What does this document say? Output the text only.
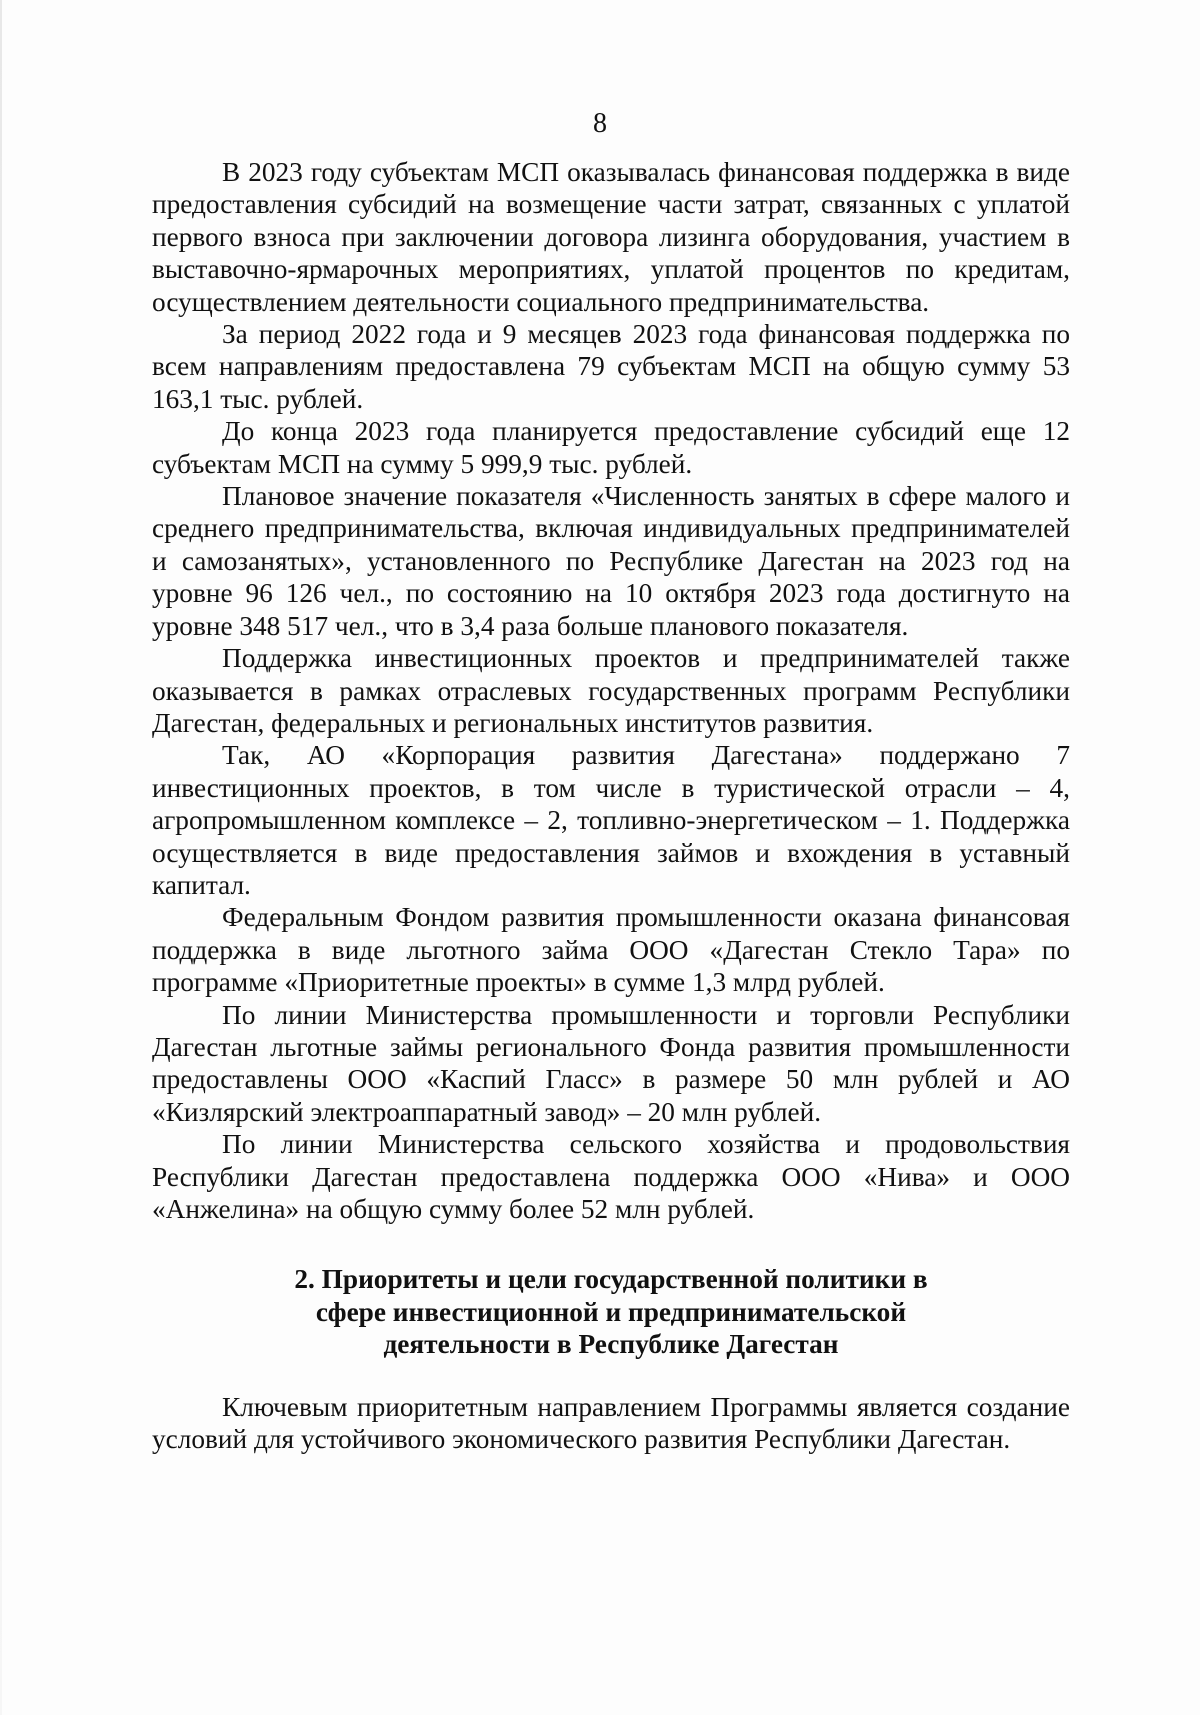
8

В 2023 году субъектам МСП оказывалась финансовая поддержка в виде предоставления субсидий на возмещение части затрат, связанных с уплатой первого взноса при заключении договора лизинга оборудования, участием в выставочно-ярмарочных мероприятиях, уплатой процентов по кредитам, осуществлением деятельности социального предпринимательства.

За период 2022 года и 9 месяцев 2023 года финансовая поддержка по всем направлениям предоставлена 79 субъектам МСП на общую сумму 53 163,1 тыс. рублей.

До конца 2023 года планируется предоставление субсидий еще 12 субъектам МСП на сумму 5 999,9 тыс. рублей.

Плановое значение показателя «Численность занятых в сфере малого и среднего предпринимательства, включая индивидуальных предпринимателей и самозанятых», установленного по Республике Дагестан на 2023 год на уровне 96 126 чел., по состоянию на 10 октября 2023 года достигнуто на уровне 348 517 чел., что в 3,4 раза больше планового показателя.

Поддержка инвестиционных проектов и предпринимателей также оказывается в рамках отраслевых государственных программ Республики Дагестан, федеральных и региональных институтов развития.

Так, АО «Корпорация развития Дагестана» поддержано 7 инвестиционных проектов, в том числе в туристической отрасли – 4, агропромышленном комплексе – 2, топливно-энергетическом – 1. Поддержка осуществляется в виде предоставления займов и вхождения в уставный капитал.

Федеральным Фондом развития промышленности оказана финансовая поддержка в виде льготного займа ООО «Дагестан Стекло Тара» по программе «Приоритетные проекты» в сумме 1,3 млрд рублей.

По линии Министерства промышленности и торговли Республики Дагестан льготные займы регионального Фонда развития промышленности предоставлены ООО «Каспий Гласс» в размере 50 млн рублей и АО «Кизлярский электроаппаратный завод» – 20 млн рублей.

По линии Министерства сельского хозяйства и продовольствия Республики Дагестан предоставлена поддержка ООО «Нива» и ООО «Анжелина» на общую сумму более 52 млн рублей.

2. Приоритеты и цели государственной политики в сфере инвестиционной и предпринимательской деятельности в Республике Дагестан

Ключевым приоритетным направлением Программы является создание условий для устойчивого экономического развития Республики Дагестан.
